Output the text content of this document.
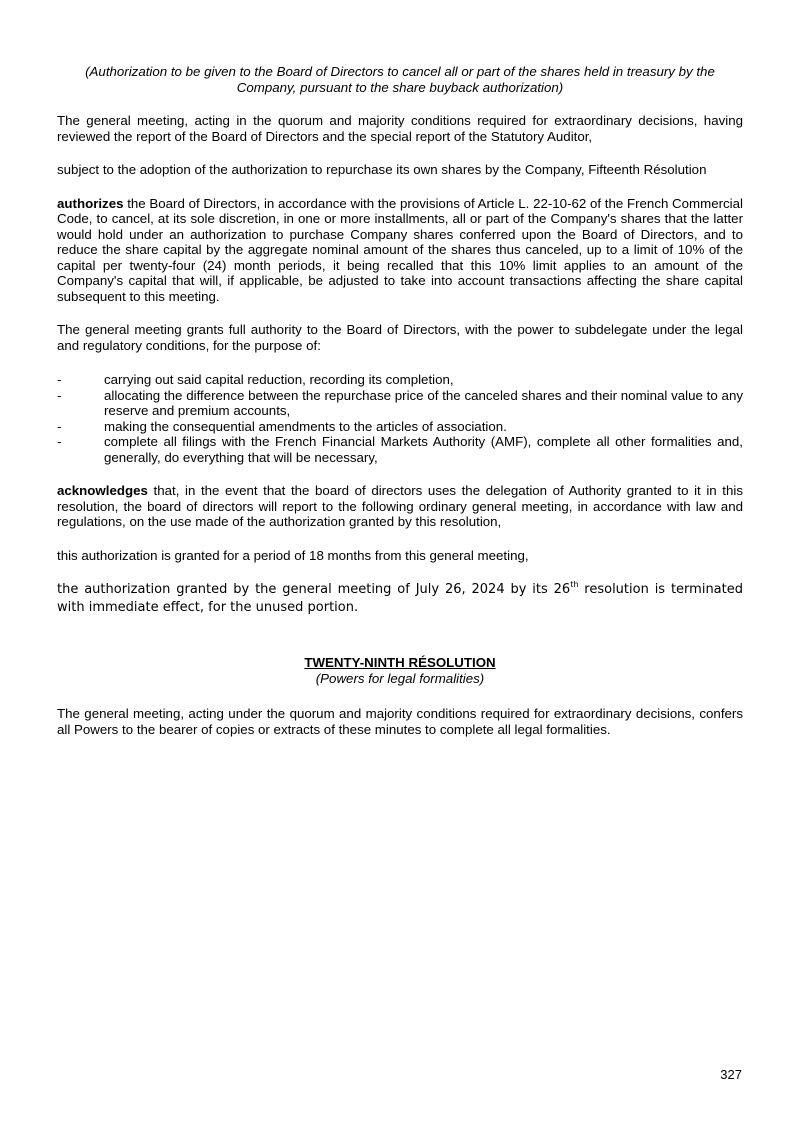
(Authorization to be given to the Board of Directors to cancel all or part of the shares held in treasury by the Company, pursuant to the share buyback authorization)

The general meeting, acting in the quorum and majority conditions required for extraordinary decisions, having reviewed the report of the Board of Directors and the special report of the Statutory Auditor,

subject to the adoption of the authorization to repurchase its own shares by the Company, Fifteenth Résolution

authorizes the Board of Directors, in accordance with the provisions of Article L. 22-10-62 of the French Commercial Code, to cancel, at its sole discretion, in one or more installments, all or part of the Company's shares that the latter would hold under an authorization to purchase Company shares conferred upon the Board of Directors, and to reduce the share capital by the aggregate nominal amount of the shares thus canceled, up to a limit of 10% of the capital per twenty-four (24) month periods, it being recalled that this 10% limit applies to an amount of the Company's capital that will, if applicable, be adjusted to take into account transactions affecting the share capital subsequent to this meeting.

The general meeting grants full authority to the Board of Directors, with the power to subdelegate under the legal and regulatory conditions, for the purpose of:

-	carrying out said capital reduction, recording its completion,
-	allocating the difference between the repurchase price of the canceled shares and their nominal value to any reserve and premium accounts,
-	making the consequential amendments to the articles of association.
-	complete all filings with the French Financial Markets Authority (AMF), complete all other formalities and, generally, do everything that will be necessary,

acknowledges that, in the event that the board of directors uses the delegation of Authority granted to it in this resolution, the board of directors will report to the following ordinary general meeting, in accordance with law and regulations, on the use made of the authorization granted by this resolution,

this authorization is granted for a period of 18 months from this general meeting,

the authorization granted by the general meeting of July 26, 2024 by its 26th resolution is terminated with immediate effect, for the unused portion.

TWENTY-NINTH RÉSOLUTION

(Powers for legal formalities)

The general meeting, acting under the quorum and majority conditions required for extraordinary decisions, confers all Powers to the bearer of copies or extracts of these minutes to complete all legal formalities.

327
